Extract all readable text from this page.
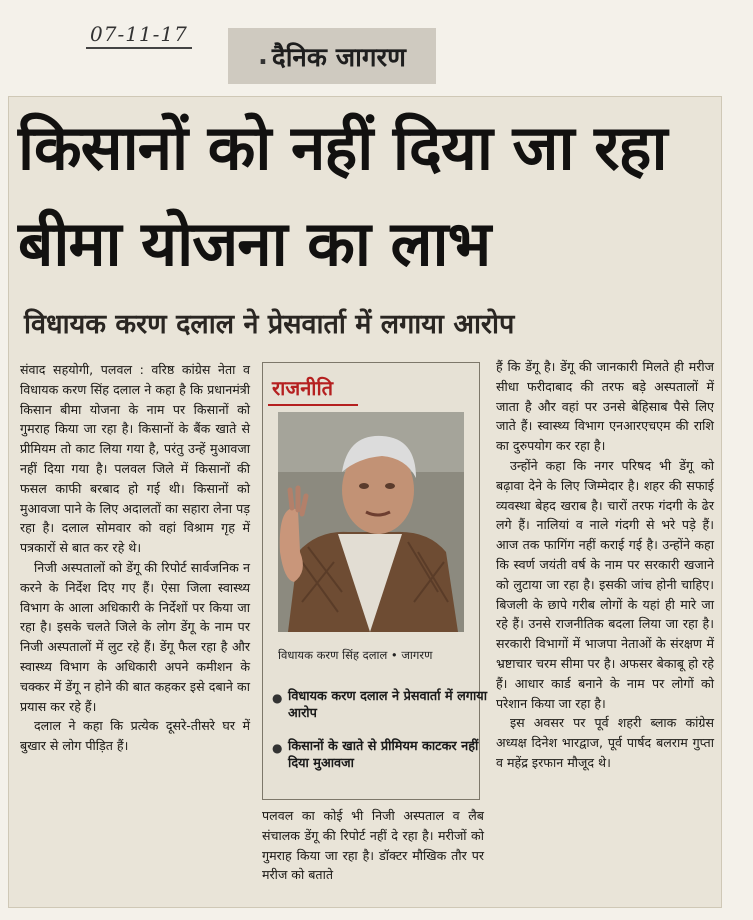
07-11-17
. दैनिक जागरण
किसानों को नहीं दिया जा रहा बीमा योजना का लाभ
विधायक करण दलाल ने प्रेसवार्ता में लगाया आरोप

संवाद सहयोगी, पलवल : वरिष्ठ कांग्रेस नेता व विधायक करण सिंह दलाल ने कहा है कि प्रधानमंत्री किसान बीमा योजना के नाम पर किसानों को गुमराह किया जा रहा है। किसानों के बैंक खाते से प्रीमियम तो काट लिया गया है, परंतु उन्हें मुआवजा नहीं दिया गया है। पलवल जिले में किसानों की फसल काफी बरबाद हो गई थी। किसानों को मुआवजा पाने के लिए अदालतों का सहारा लेना पड़ रहा है। दलाल सोमवार को वहां विश्राम गृह में पत्रकारों से बात कर रहे थे।

निजी अस्पतालों को डेंगू की रिपोर्ट सार्वजनिक न करने के निर्देश दिए गए हैं। ऐसा जिला स्वास्थ्य विभाग के आला अधिकारी के निर्देशों पर किया जा रहा है। इसके चलते जिले के लोग डेंगू के नाम पर निजी अस्पतालों में लुट रहे हैं। डेंगू फैल रहा है और स्वास्थ्य विभाग के अधिकारी अपने कमीशन के चक्कर में डेंगू न होने की बात कहकर इसे दबाने का प्रयास कर रहे हैं।

दलाल ने कहा कि प्रत्येक दूसरे-तीसरे घर में बुखार से लोग पीड़ित हैं।

राजनीति
विधायक करण सिंह दलाल • जागरण
● विधायक करण दलाल ने प्रेसवार्ता में लगाया आरोप
● किसानों के खाते से प्रीमियम काटकर नहीं दिया मुआवजा

पलवल का कोई भी निजी अस्पताल व लैब संचालक डेंगू की रिपोर्ट नहीं दे रहा है। मरीजों को गुमराह किया जा रहा है। डॉक्टर मौखिक तौर पर मरीज को बताते

हैं कि डेंगू है। डेंगू की जानकारी मिलते ही मरीज सीधा फरीदाबाद की तरफ बड़े अस्पतालों में जाता है और वहां पर उनसे बेहिसाब पैसे लिए जाते हैं। स्वास्थ्य विभाग एनआरएचएम की राशि का दुरुपयोग कर रहा है।

उन्होंने कहा कि नगर परिषद भी डेंगू को बढ़ावा देने के लिए जिम्मेदार है। शहर की सफाई व्यवस्था बेहद खराब है। चारों तरफ गंदगी के ढेर लगे हैं। नालियां व नाले गंदगी से भरे पड़े हैं। आज तक फागिंग नहीं कराई गई है। उन्होंने कहा कि स्वर्ण जयंती वर्ष के नाम पर सरकारी खजाने को लुटाया जा रहा है। इसकी जांच होनी चाहिए। बिजली के छापे गरीब लोगों के यहां ही मारे जा रहे हैं। उनसे राजनीतिक बदला लिया जा रहा है। सरकारी विभागों में भाजपा नेताओं के संरक्षण में भ्रष्टाचार चरम सीमा पर है। अफसर बेकाबू हो रहे हैं। आधार कार्ड बनाने के नाम पर लोगों को परेशान किया जा रहा है।

इस अवसर पर पूर्व शहरी ब्लाक कांग्रेस अध्यक्ष दिनेश भारद्वाज, पूर्व पार्षद बलराम गुप्ता व महेंद्र इरफान मौजूद थे।
